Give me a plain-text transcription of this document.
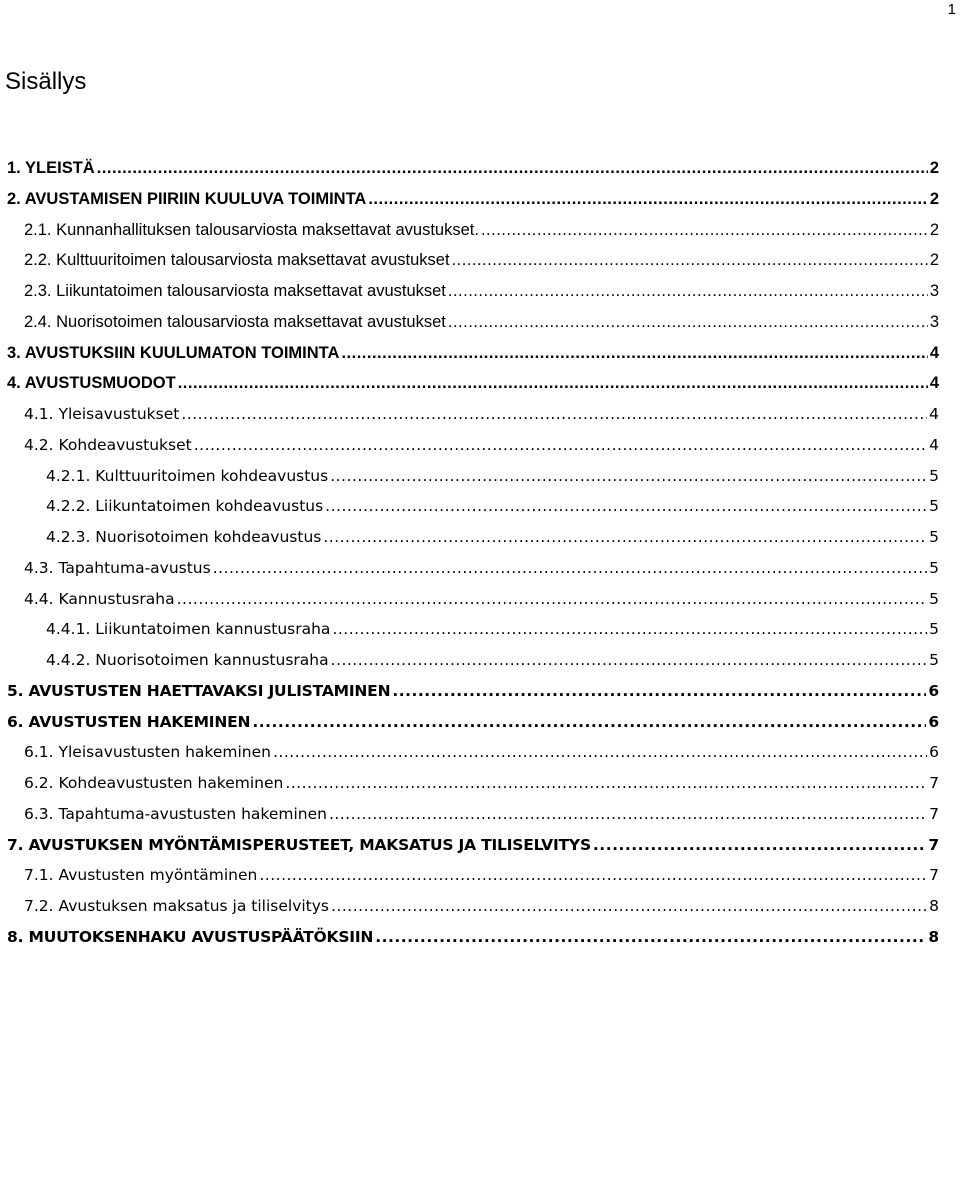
1
Sisällys
1. YLEISTÄ .....	2
2. AVUSTAMISEN PIIRIIN KUULUVA TOIMINTA .....	2
2.1. Kunnanhallituksen talousarviosta maksettavat avustukset. .....	2
2.2. Kulttuuritoimen talousarviosta maksettavat avustukset .....	2
2.3. Liikuntatoimen talousarviosta maksettavat avustukset .....	3
2.4. Nuorisotoimen talousarviosta maksettavat avustukset .....	3
3. AVUSTUKSIIN KUULUMATON TOIMINTA .....	4
4. AVUSTUSMUODOT .....	4
4.1. Yleisavustukset .....	4
4.2. Kohdeavustukset .....	4
4.2.1. Kulttuuritoimen kohdeavustus .....	5
4.2.2. Liikuntatoimen kohdeavustus .....	5
4.2.3. Nuorisotoimen kohdeavustus .....	5
4.3. Tapahtuma-avustus .....	5
4.4. Kannustusraha .....	5
4.4.1. Liikuntatoimen kannustusraha .....	5
4.4.2. Nuorisotoimen kannustusraha .....	5
5. AVUSTUSTEN HAETTAVAKSI JULISTAMINEN .....	6
6. AVUSTUSTEN HAKEMINEN .....	6
6.1. Yleisavustusten hakeminen .....	6
6.2. Kohdeavustusten hakeminen .....	7
6.3. Tapahtuma-avustusten hakeminen .....	7
7. AVUSTUKSEN MYÖNTÄMISPERUSTEET, MAKSATUS JA TILISELVITYS .....	7
7.1. Avustusten myöntäminen .....	7
7.2. Avustuksen maksatus ja tiliselvitys .....	8
8. MUUTOKSENHAKU AVUSTUSPÄÄTÖKSIIN .....	8
